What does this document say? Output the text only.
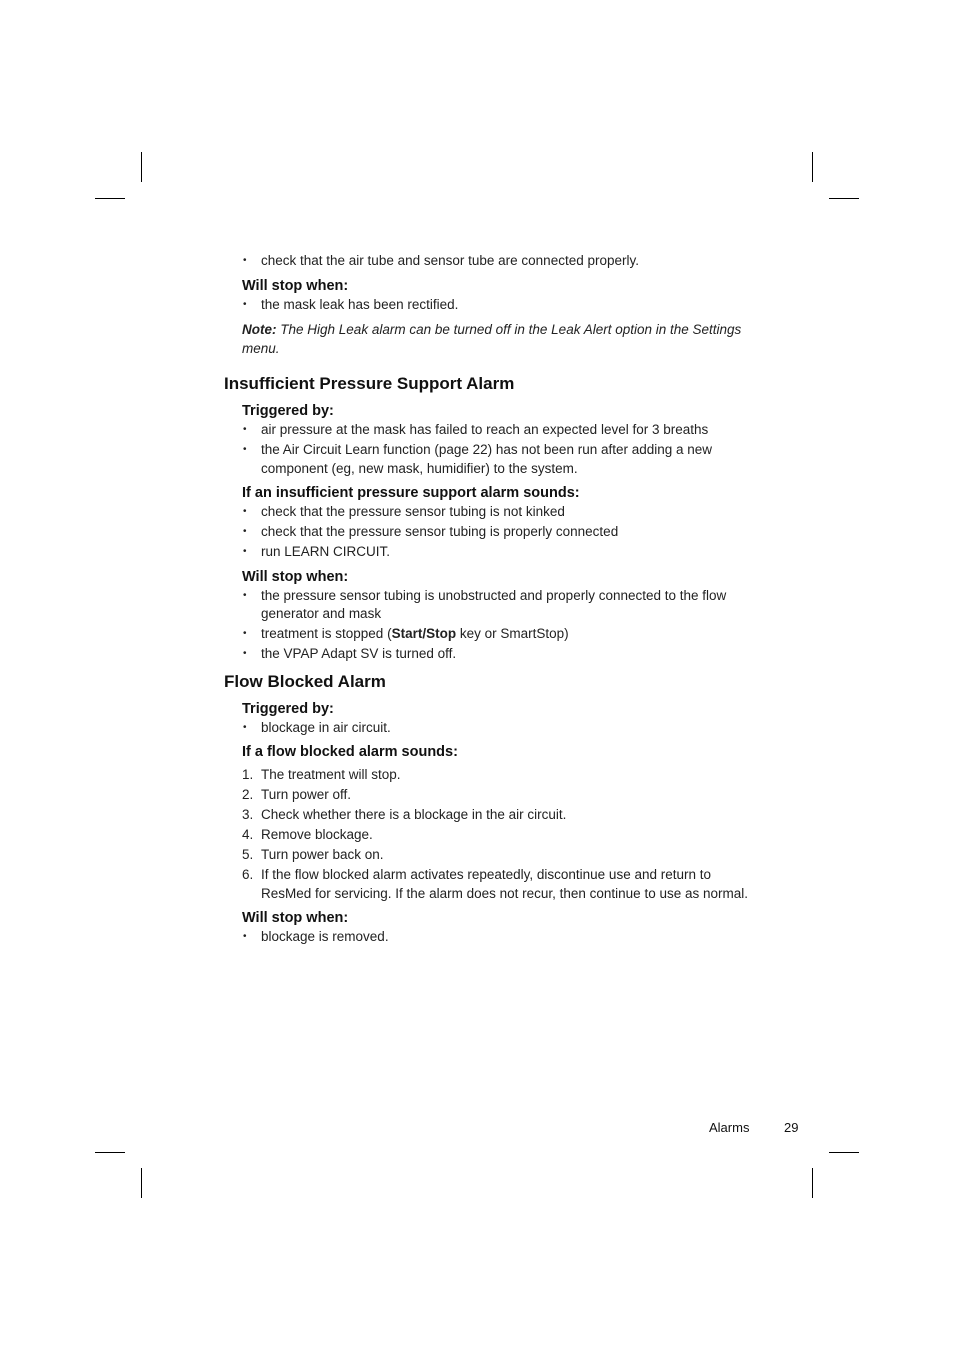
• check that the air tube and sensor tube are connected properly.
Will stop when:
• the mask leak has been rectified.

Note: The High Leak alarm can be turned off in the Leak Alert option in the Settings menu.

Insufficient Pressure Support Alarm
Triggered by:
• air pressure at the mask has failed to reach an expected level for 3 breaths
• the Air Circuit Learn function (page 22) has not been run after adding a new component (eg, new mask, humidifier) to the system.
If an insufficient pressure support alarm sounds:
• check that the pressure sensor tubing is not kinked
• check that the pressure sensor tubing is properly connected
• run LEARN CIRCUIT.
Will stop when:
• the pressure sensor tubing is unobstructed and properly connected to the flow generator and mask
• treatment is stopped (Start/Stop key or SmartStop)
• the VPAP Adapt SV is turned off.
Flow Blocked Alarm
Triggered by:
• blockage in air circuit.
If a flow blocked alarm sounds:
1. The treatment will stop.
2. Turn power off.
3. Check whether there is a blockage in the air circuit.
4. Remove blockage.
5. Turn power back on.
6. If the flow blocked alarm activates repeatedly, discontinue use and return to ResMed for servicing. If the alarm does not recur, then continue to use as normal.
Will stop when:
• blockage is removed.
Alarms	29
